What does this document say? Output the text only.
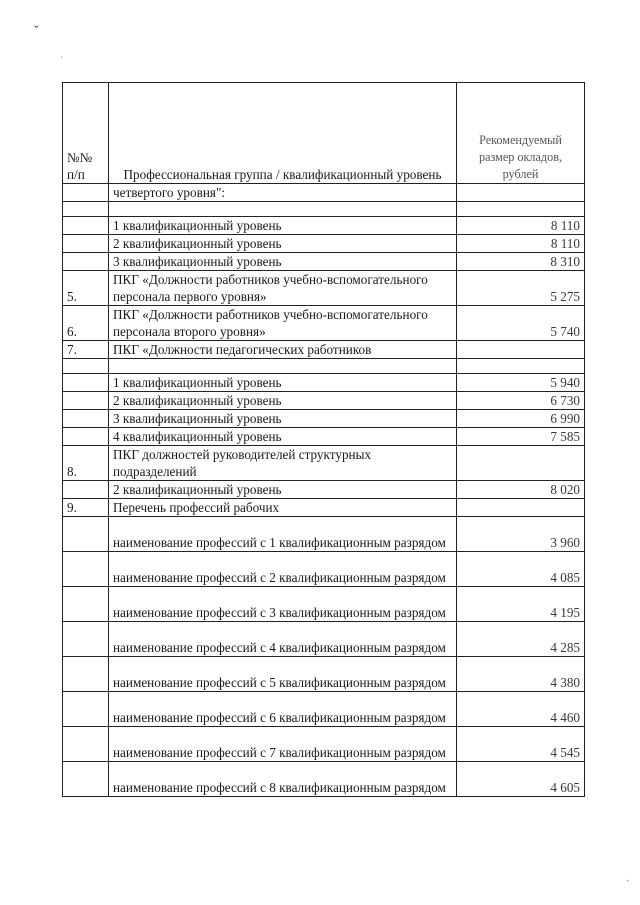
ˇ
·
№№ п/п	Профессиональная группа / квалификационный уровень	Рекомендуемый размер окладов, рублей
	четвертого уровня":	

	1 квалификационный уровень	8 110
	2 квалификационный уровень	8 110
	3 квалификационный уровень	8 310
5.	ПКГ «Должности работников учебно-вспомогательного персонала первого уровня»	5 275
6.	ПКГ «Должности работников учебно-вспомогательного персонала второго уровня»	5 740
7.	ПКГ «Должности педагогических работников	

	1 квалификационный уровень	5 940
	2 квалификационный уровень	6 730
	3 квалификационный уровень	6 990
	4 квалификационный уровень	7 585
8.	ПКГ должностей руководителей структурных подразделений	
	2 квалификационный уровень	8 020
9.	Перечень профессий рабочих	
	наименование профессий с 1 квалификационным разрядом	3 960
	наименование профессий с 2 квалификационным разрядом	4 085
	наименование профессий с 3 квалификационным разрядом	4 195
	наименование профессий с 4 квалификационным разрядом	4 285
	наименование профессий с 5 квалификационным разрядом	4 380
	наименование профессий с 6 квалификационным разрядом	4 460
	наименование профессий с 7 квалификационным разрядом	4 545
	наименование профессий с 8 квалификационным разрядом	4 605
·
